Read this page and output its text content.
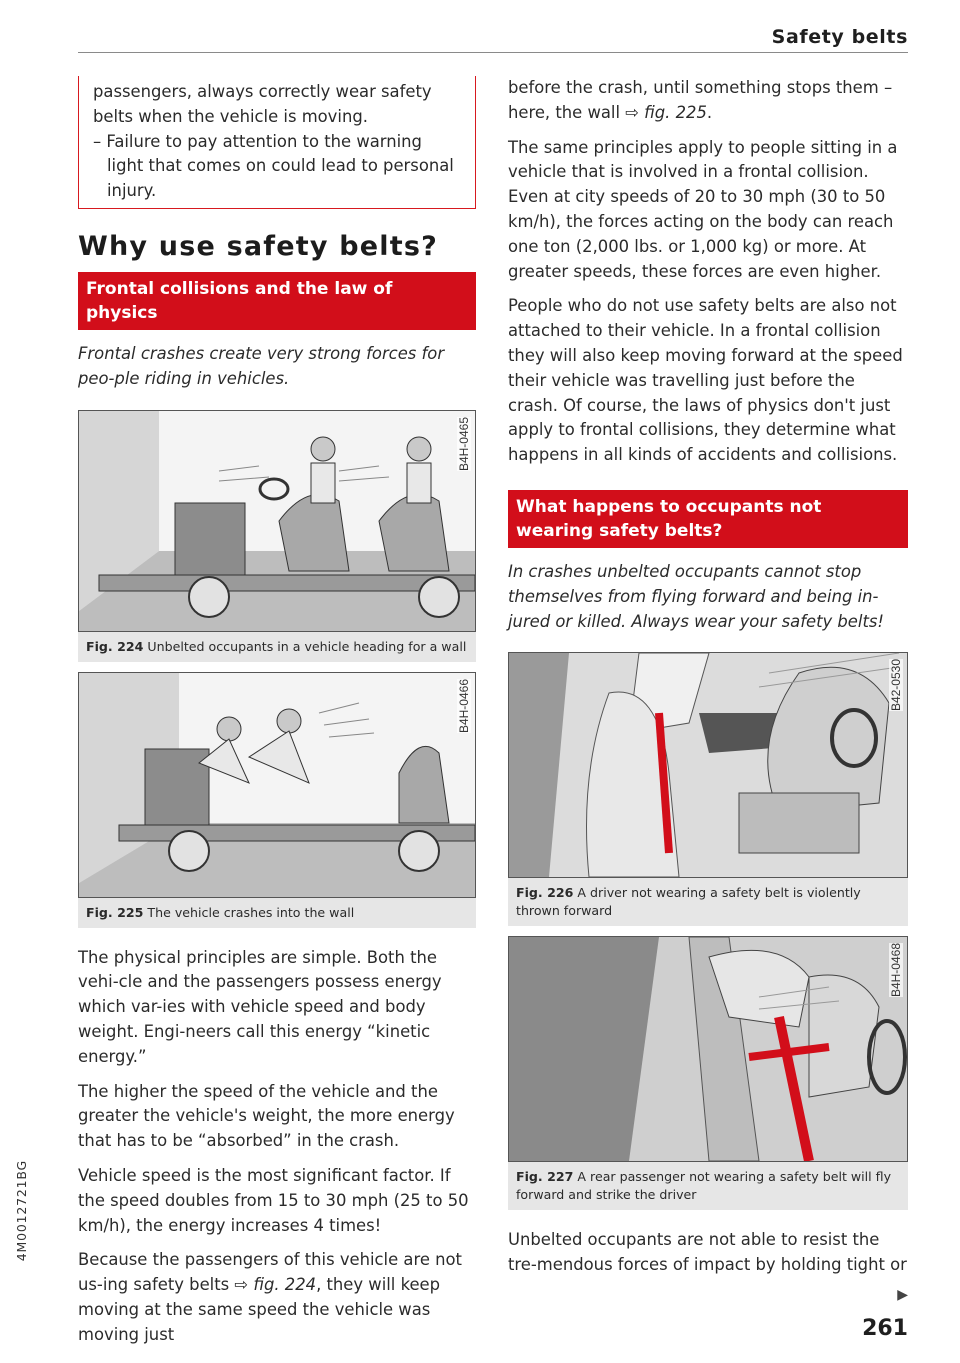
Safety belts

passengers, always correctly wear safety belts when the vehicle is moving.

– Failure to pay attention to the warning light that comes on could lead to personal injury.

Why use safety belts?
Frontal collisions and the law of physics

Frontal crashes create very strong forces for peo-ple riding in vehicles.

B4H-0465
Fig. 224 Unbelted occupants in a vehicle heading for a wall
B4H-0466
Fig. 225 The vehicle crashes into the wall

The physical principles are simple. Both the vehi-cle and the passengers possess energy which var-ies with vehicle speed and body weight. Engi-neers call this energy “kinetic energy.”

The higher the speed of the vehicle and the greater the vehicle's weight, the more energy that has to be “absorbed” in the crash.

Vehicle speed is the most significant factor. If the speed doubles from 15 to 30 mph (25 to 50 km/h), the energy increases 4 times!

Because the passengers of this vehicle are not us-ing safety belts ⇨ fig. 224, they will keep moving at the same speed the vehicle was moving just

before the crash, until something stops them – here, the wall ⇨ fig. 225.

The same principles apply to people sitting in a vehicle that is involved in a frontal collision. Even at city speeds of 20 to 30 mph (30 to 50 km/h), the forces acting on the body can reach one ton (2,000 lbs. or 1,000 kg) or more. At greater speeds, these forces are even higher.

People who do not use safety belts are also not attached to their vehicle. In a frontal collision they will also keep moving forward at the speed their vehicle was travelling just before the crash. Of course, the laws of physics don't just apply to frontal collisions, they determine what happens in all kinds of accidents and collisions.

What happens to occupants not wearing safety belts?

In crashes unbelted occupants cannot stop themselves from flying forward and being in-jured or killed. Always wear your safety belts!

B42-0530
Fig. 226 A driver not wearing a safety belt is violently thrown forward
B4H-0468
Fig. 227 A rear passenger not wearing a safety belt will fly forward and strike the driver

Unbelted occupants are not able to resist the tre-mendous forces of impact by holding tight or

▶
4M0012721BG
261
